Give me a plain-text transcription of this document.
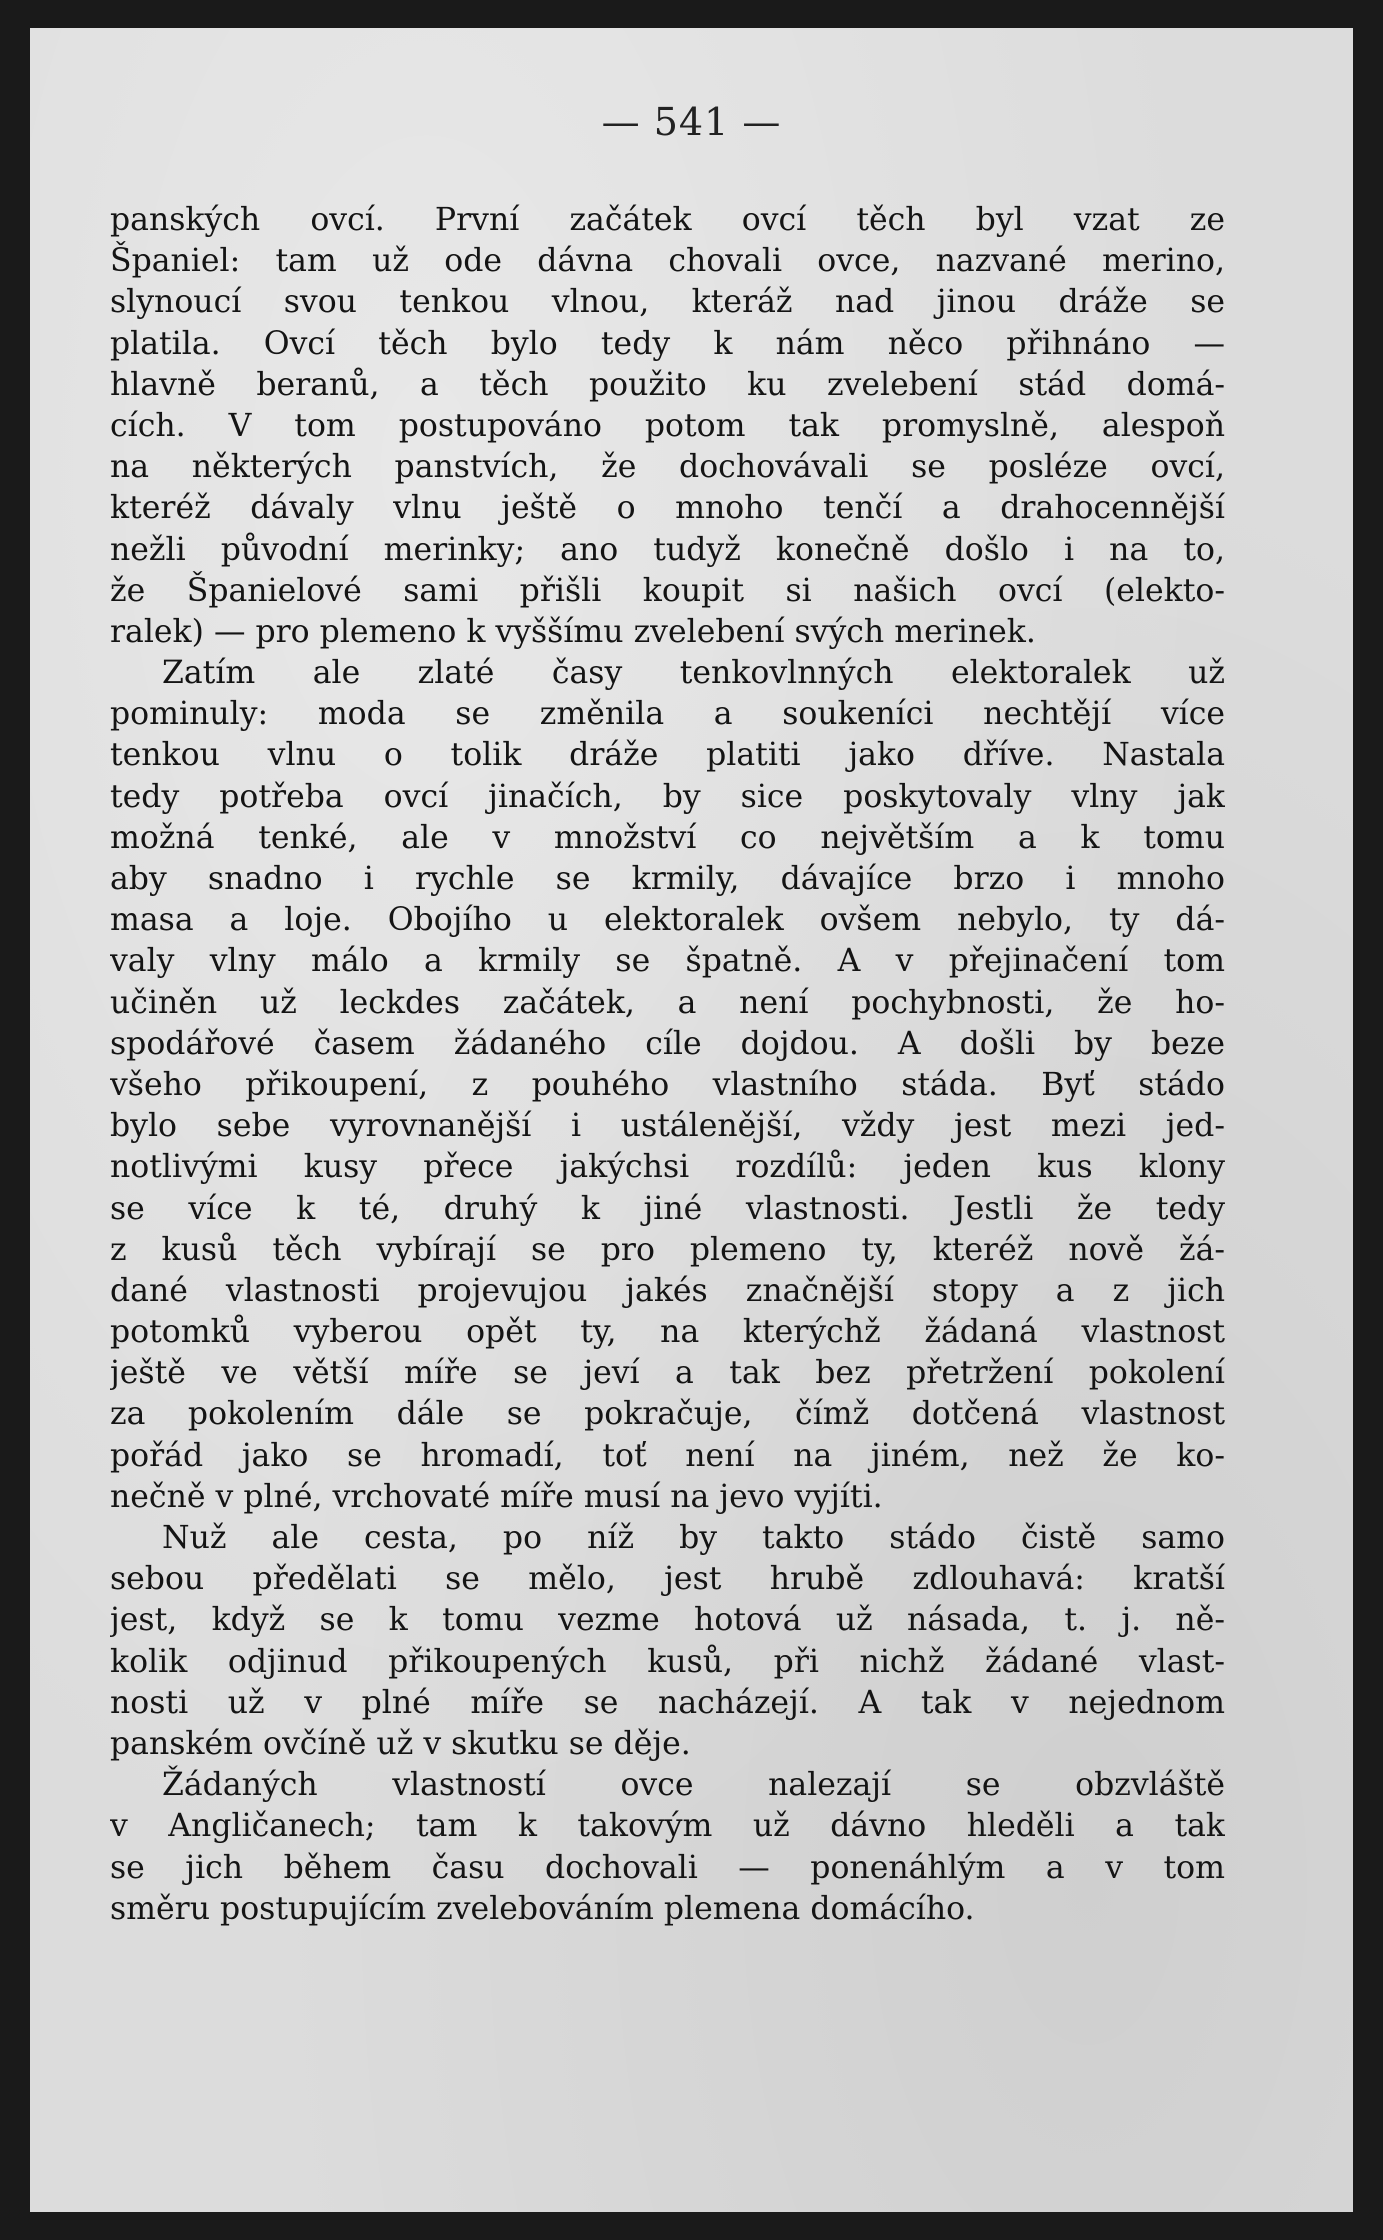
— 541 —
panských ovcí. První začátek ovcí těch byl vzat ze
Španiel: tam už ode dávna chovali ovce, nazvané merino,
slynoucí svou tenkou vlnou, kteráž nad jinou dráže se
platila. Ovcí těch bylo tedy k nám něco přihnáno —
hlavně beranů, a těch použito ku zvelebení stád domá-
cích. V tom postupováno potom tak promyslně, alespoň
na některých panstvích, že dochovávali se posléze ovcí,
kteréž dávaly vlnu ještě o mnoho tenčí a drahocennější
nežli původní merinky; ano tudyž konečně došlo i na to,
že Španielové sami přišli koupit si našich ovcí (elekto-
ralek) — pro plemeno k vyššímu zvelebení svých merinek.
Zatím ale zlaté časy tenkovlnných elektoralek už
pominuly: moda se změnila a soukeníci nechtějí více
tenkou vlnu o tolik dráže platiti jako dříve. Nastala
tedy potřeba ovcí jinačích, by sice poskytovaly vlny jak
možná tenké, ale v množství co největším a k tomu
aby snadno i rychle se krmily, dávajíce brzo i mnoho
masa a loje. Obojího u elektoralek ovšem nebylo, ty dá-
valy vlny málo a krmily se špatně. A v přejinačení tom
učiněn už leckdes začátek, a není pochybnosti, že ho-
spodářové časem žádaného cíle dojdou. A došli by beze
všeho přikoupení, z pouhého vlastního stáda. Byť stádo
bylo sebe vyrovnanější i ustálenější, vždy jest mezi jed-
notlivými kusy přece jakýchsi rozdílů: jeden kus klony
se více k té, druhý k jiné vlastnosti. Jestli že tedy
z kusů těch vybírají se pro plemeno ty, kteréž nově žá-
dané vlastnosti projevujou jakés značnější stopy a z jich
potomků vyberou opět ty, na kterýchž žádaná vlastnost
ještě ve větší míře se jeví a tak bez přetržení pokolení
za pokolením dále se pokračuje, čímž dotčená vlastnost
pořád jako se hromadí, toť není na jiném, než že ko-
nečně v plné, vrchovaté míře musí na jevo vyjíti.
Nuž ale cesta, po níž by takto stádo čistě samo
sebou předělati se mělo, jest hrubě zdlouhavá: kratší
jest, když se k tomu vezme hotová už násada, t. j. ně-
kolik odjinud přikoupených kusů, při nichž žádané vlast-
nosti už v plné míře se nacházejí. A tak v nejednom
panském ovčíně už v skutku se děje.
Žádaných vlastností ovce nalezají se obzvláště
v Angličanech; tam k takovým už dávno hleděli a tak
se jich během času dochovali — ponenáhlým a v tom
směru postupujícím zvelebováním plemena domácího.
